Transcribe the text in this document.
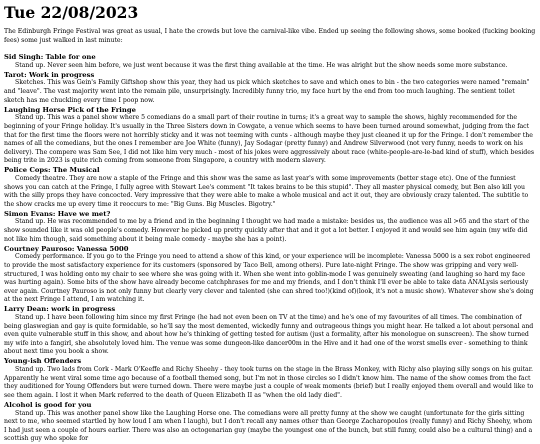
Tue 22/08/2023

The Edinburgh Fringe Festival was great as usual, I hate the crowds but love the carnival-like vibe. Ended up seeing the following shows, some booked (fucking booking fees) some just walked in last minute:

Sid Singh: Table for one

Stand up. Never seen him before, we just went because it was the first thing available at the time. He was alright but the show needs some more substance.

Tarot: Work in progress

Sketches. This was Gein's Family Giftshop show this year, they had us pick which sketches to save and which ones to bin - the two categories were named "remain" and "leave". The vast majority went into the remain pile, unsurprisingly. Incredibly funny trio, my face hurt by the end from too much laughing. The sentient toilet sketch has me chuckling every time I poop now.

Laughing Horse Pick of the Fringe

Stand up. This was a panel show where 5 comedians do a small part of their routine in turns; it's a great way to sample the shows, highly recommended for the beginning of your Fringe holiday. It's usually in the Three Sisters down in Cowgate, a venue which seems to have been turned around somewhat, judging from the fact that for the first time the floors were not horribly sticky and it was not teeming with cunts - although maybe they just cleaned it up for the Fringe. I don't remember the names of all the comedians, but the ones I remember are Joe White (funny), Jay Sodagar (pretty funny) and Andrew Silverwood (not very funny, needs to work on his delivery). The compere was Sam See, I did not like him very much - most of his jokes were aggressively about race (white-people-are-le-bad kind of stuff), which besides being trite in 2023 is quite rich coming from someone from Singapore, a country with modern slavery.

Police Cops: The Musical

Comedy theatre. They are now a staple of the Fringe and this show was the same as last year's with some improvements (better stage etc). One of the funniest shows you can catch at the Fringe, I fully agree with Stewart Lee's comment "It takes brains to be this stupid". They all master physical comedy, but Ben also kill you with the silly props they have concocted. Very impressive that they were able to make a whole musical and act it out, they are obviously crazy talented. The subtitle to the show cracks me up every time it reoccurs to me: "Big Guns. Big Muscles. Bigotry."

Simon Evans: Have we met?

Stand up. He was recommended to me by a friend and in the beginning I thought we had made a mistake: besides us, the audience was all >65 and the start of the show sounded like it was old people's comedy. However he picked up pretty quickly after that and it got a lot better. I enjoyed it and would see him again (my wife did not like him though, said something about it being male comedy - maybe she has a point).

Courtney Pauroso: Vanessa 5000

Comedy performance. If you go to the Fringe you need to attend a show of this kind, or your experience will be incomplete: Vanessa 5000 is a sex robot engineered to provide the most satisfactory experience for its customers (sponsored by Taco Bell, among others). Pure late-night Fringe. The show was gripping and very well-structured, I was holding onto my chair to see where she was going with it. When she went into goblin-mode I was genuinely sweating (and laughing so hard my face was hurting again). Some bits of the show have already become catchphrases for me and my friends, and I don't think I'll ever be able to take data ANALysis seriously ever again. Courtney Pauroso is not only funny but clearly very clever and talented (she can shred too!)(kind of)(look, it's not a music show). Whatever show she's doing at the next Fringe I attend, I am watching it.

Larry Dean: work in progress

Stand up. I have been following him since my first Fringe (he had not even been on TV at the time) and he's one of my favourites of all times. The combination of being glaswegian and gay is quite formidable, so he'll say the most demented, wickedly funny and outrageous things you might hear. He talked a lot about personal and even quite vulnerable stuff in this show, and about how he's thinking of getting tested for autism (just a formality, after his monologue on sunscreen). The show turned my wife into a fangirl, she absolutely loved him. The venue was some dungeon-like dancer00m in the Hive and it had one of the worst smells ever - something to think about next time you book a show.

Young-ish Offenders

Stand up. Two lads from Cork - Mark O'Keeffe and Richy Sheehy - they took turns on the stage in the Brass Monkey, with Richy also playing silly songs on his guitar. Apparently he went viral some time ago because of a football themed song, but I'm not in those circles so I didn't know him. The name of the show comes from the fact they auditioned for Young Offenders but were turned down. There were maybe just a couple of weak moments (brief) but I really enjoyed them overall and would like to see them again. I lost it when Mark referred to the death of Queen Elizabeth II as "when the old lady died".

Alcohol is good for you

Stand up. This was another panel show like the Laughing Horse one. The comedians were all pretty funny at the show we caught (unfortunate for the girls sitting next to me, who seemed startled by how loud I am when I laugh), but I don't recall any names other than George Zacharopoulos (really funny) and Richy Sheehy, whom I had just seen a couple of hours earlier. There was also an octogenarian guy (maybe the youngest one of the bunch, but still funny, could also be a cultural thing) and a scottish guy who spoke for
